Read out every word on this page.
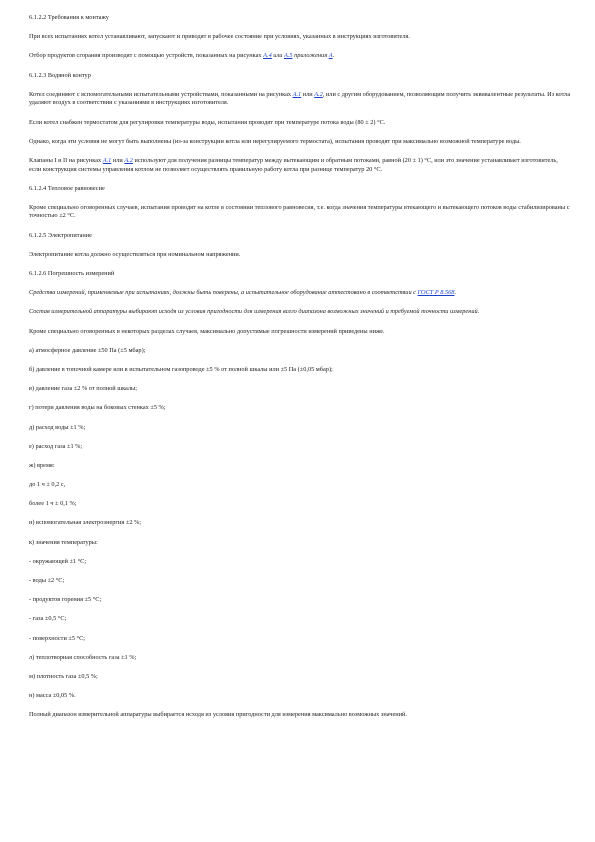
6.1.2.2 Требования к монтажу

При всех испытаниях котел устанавливают, запускают и приводят в рабочее состояние при условиях, указанных в инструкциях изготовителя.

Отбор продуктов сгорания производят с помощью устройств, показанных на рисунках А.4 или А.5 приложения А.

6.1.2.3 Водяной контур

Котел соединяют с вспомогательными испытательными устройствами, показанными на рисунках А.1 или А.2, или с другим оборудованием, позволяющим получить эквивалентные результаты. Из котла удаляют воздух в соответствии с указаниями в инструкциях изготовителя.

Если котел снабжен термостатом для регулировки температуры воды, испытания проводят при температуре потока воды (80 ± 2) °С.

Однако, когда эти условия не могут быть выполнены (из-за конструкции котла или нерегулируемого термостата), испытания проводят при максимально возможной температуре воды.

Клапаны I и II на рисунках А.1 или А.2 используют для получения разницы температур между вытекающим и обратным потоками, равной (20 ± 1) °С, или это значение устанавливает изготовитель, если конструкция системы управления котлом не позволяет осуществлять правильную работу котла при разнице температур 20 °С.

6.1.2.4 Тепловое равновесие

Кроме специально оговоренных случаев, испытания проводят на котле в состоянии теплового равновесия, т.е. когда значения температуры втекающего и вытекающего потоков воды стабилизированы с точностью ±2 °С.

6.1.2.5 Электропитание

Электропитание котла должно осуществляться при номинальном напряжении.

6.1.2.6 Погрешность измерений

Средства измерений, применяемые при испытаниях, должны быть поверены, а испытательное оборудование аттестовано в соответствии с ГОСТ Р 8.568.

Состав измерительной аппаратуры выбирают исходя из условия пригодности для измерения всего диапазона возможных значений и требуемой точности измерений.

Кроме специально оговоренных в некоторых разделах случаев, максимально допустимые погрешности измерений приведены ниже.

а) атмосферное давление ±50 Па (±5 мбар);

б) давление в топочной камере или в испытательном газопроводе ±5 % от полной шкалы или ±5 Па (±0,05 мбар);

в) давление газа ±2 % от полной шкалы;

г) потери давления воды на боковых стенках ±5 %;

д) расход воды ±1 %;

е) расход газа ±1 %;

ж) время:

до 1 ч ± 0,2 с,

более 1 ч ± 0,1 %;

и) вспомогательная электроэнергия ±2 %;

к) значения температуры:

- окружающей ±1 °С;

- воды ±2 °С;

- продуктов горения ±5 °С;

- газа ±0,5 °С;

- поверхности ±5 °С;

л) теплотворная способность газа ±1 %;

м) плотность газа ±0,5 %;

н) масса ±0,05 %.

Полный диапазон измерительной аппаратуры выбирается исходя из условия пригодности для измерения максимально возможных значений.
